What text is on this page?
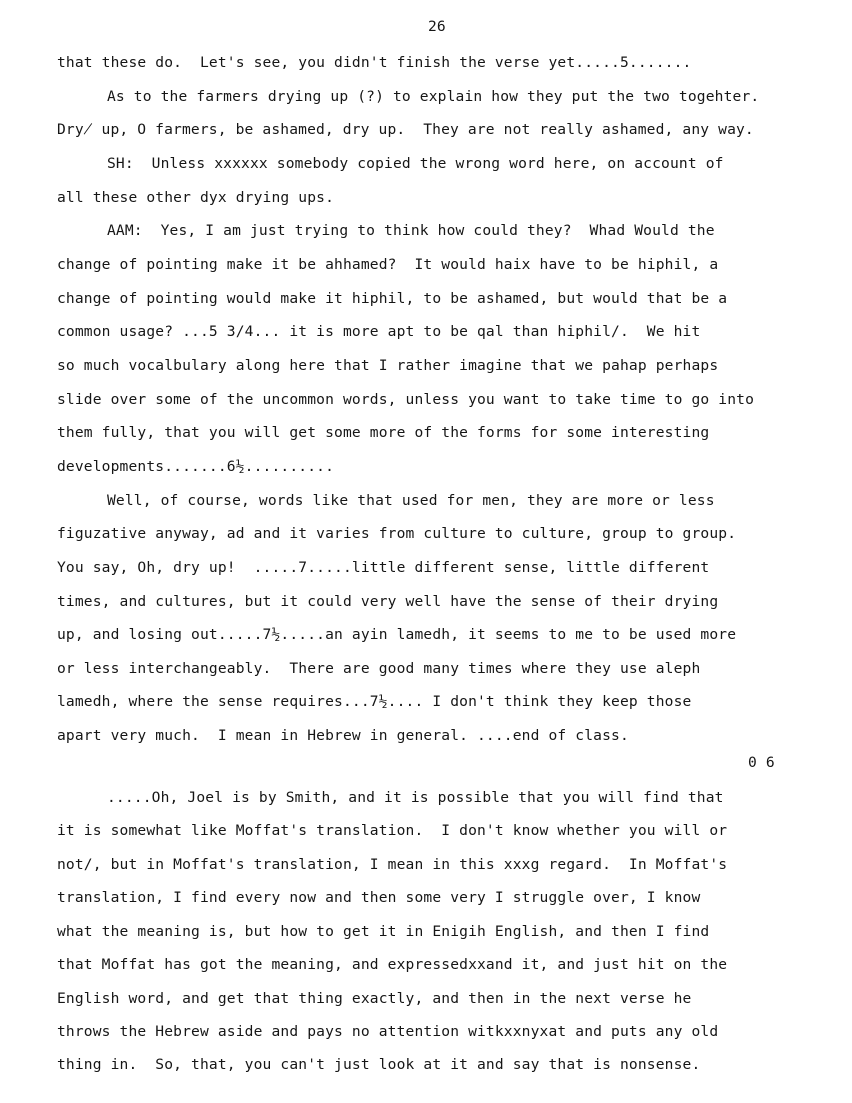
26
that these do.  Let's see, you didn't finish the verse yet.....5.......
As to the farmers drying up (?) to explain how they put the two togehter.
Dry̸ up, O farmers, be ashamed, dry up.  They are not really ashamed, any way.
SH:  Unless xxxxxx somebody copied the wrong word here, on account of
all these other dyx drying ups.
AAM:  Yes, I am just trying to think how could they?  Whad Would the
change of pointing make it be ahhamed?  It would haix have to be hiphil, a
change of pointing would make it hiphil, to be ashamed, but would that be a
common usage? ...5 3/4... it is more apt to be qal than hiphil/.  We hit
so much vocalbulary along here that I rather imagine that we pahap perhaps
slide over some of the uncommon words, unless you want to take time to go into
them fully, that you will get some more of the forms for some interesting
developments.......6½..........
Well, of course, words like that used for men, they are more or less
figuzative anyway, ad and it varies from culture to culture, group to group.
You say, Oh, dry up!  .....7.....little different sense, little different
times, and cultures, but it could very well have the sense of their drying
up, and losing out.....7½.....an ayin lamedh, it seems to me to be used more
or less interchangeably.  There are good many times where they use aleph
lamedh, where the sense requires...7½.... I don't think they keep those
apart very much.  I mean in Hebrew in general. ....end of class.
0 6
.....Oh, Joel is by Smith, and it is possible that you will find that
it is somewhat like Moffat's translation.  I don't know whether you will or
not/, but in Moffat's translation, I mean in this xxxg regard.  In Moffat's
translation, I find every now and then some very I struggle over, I know
what the meaning is, but how to get it in Enigih English, and then I find
that Moffat has got the meaning, and expressedxxand it, and just hit on the
English word, and get that thing exactly, and then in the next verse he
throws the Hebrew aside and pays no attention witkxxnyxat and puts any old
thing in.  So, that, you can't just look at it and say that is nonsense.
